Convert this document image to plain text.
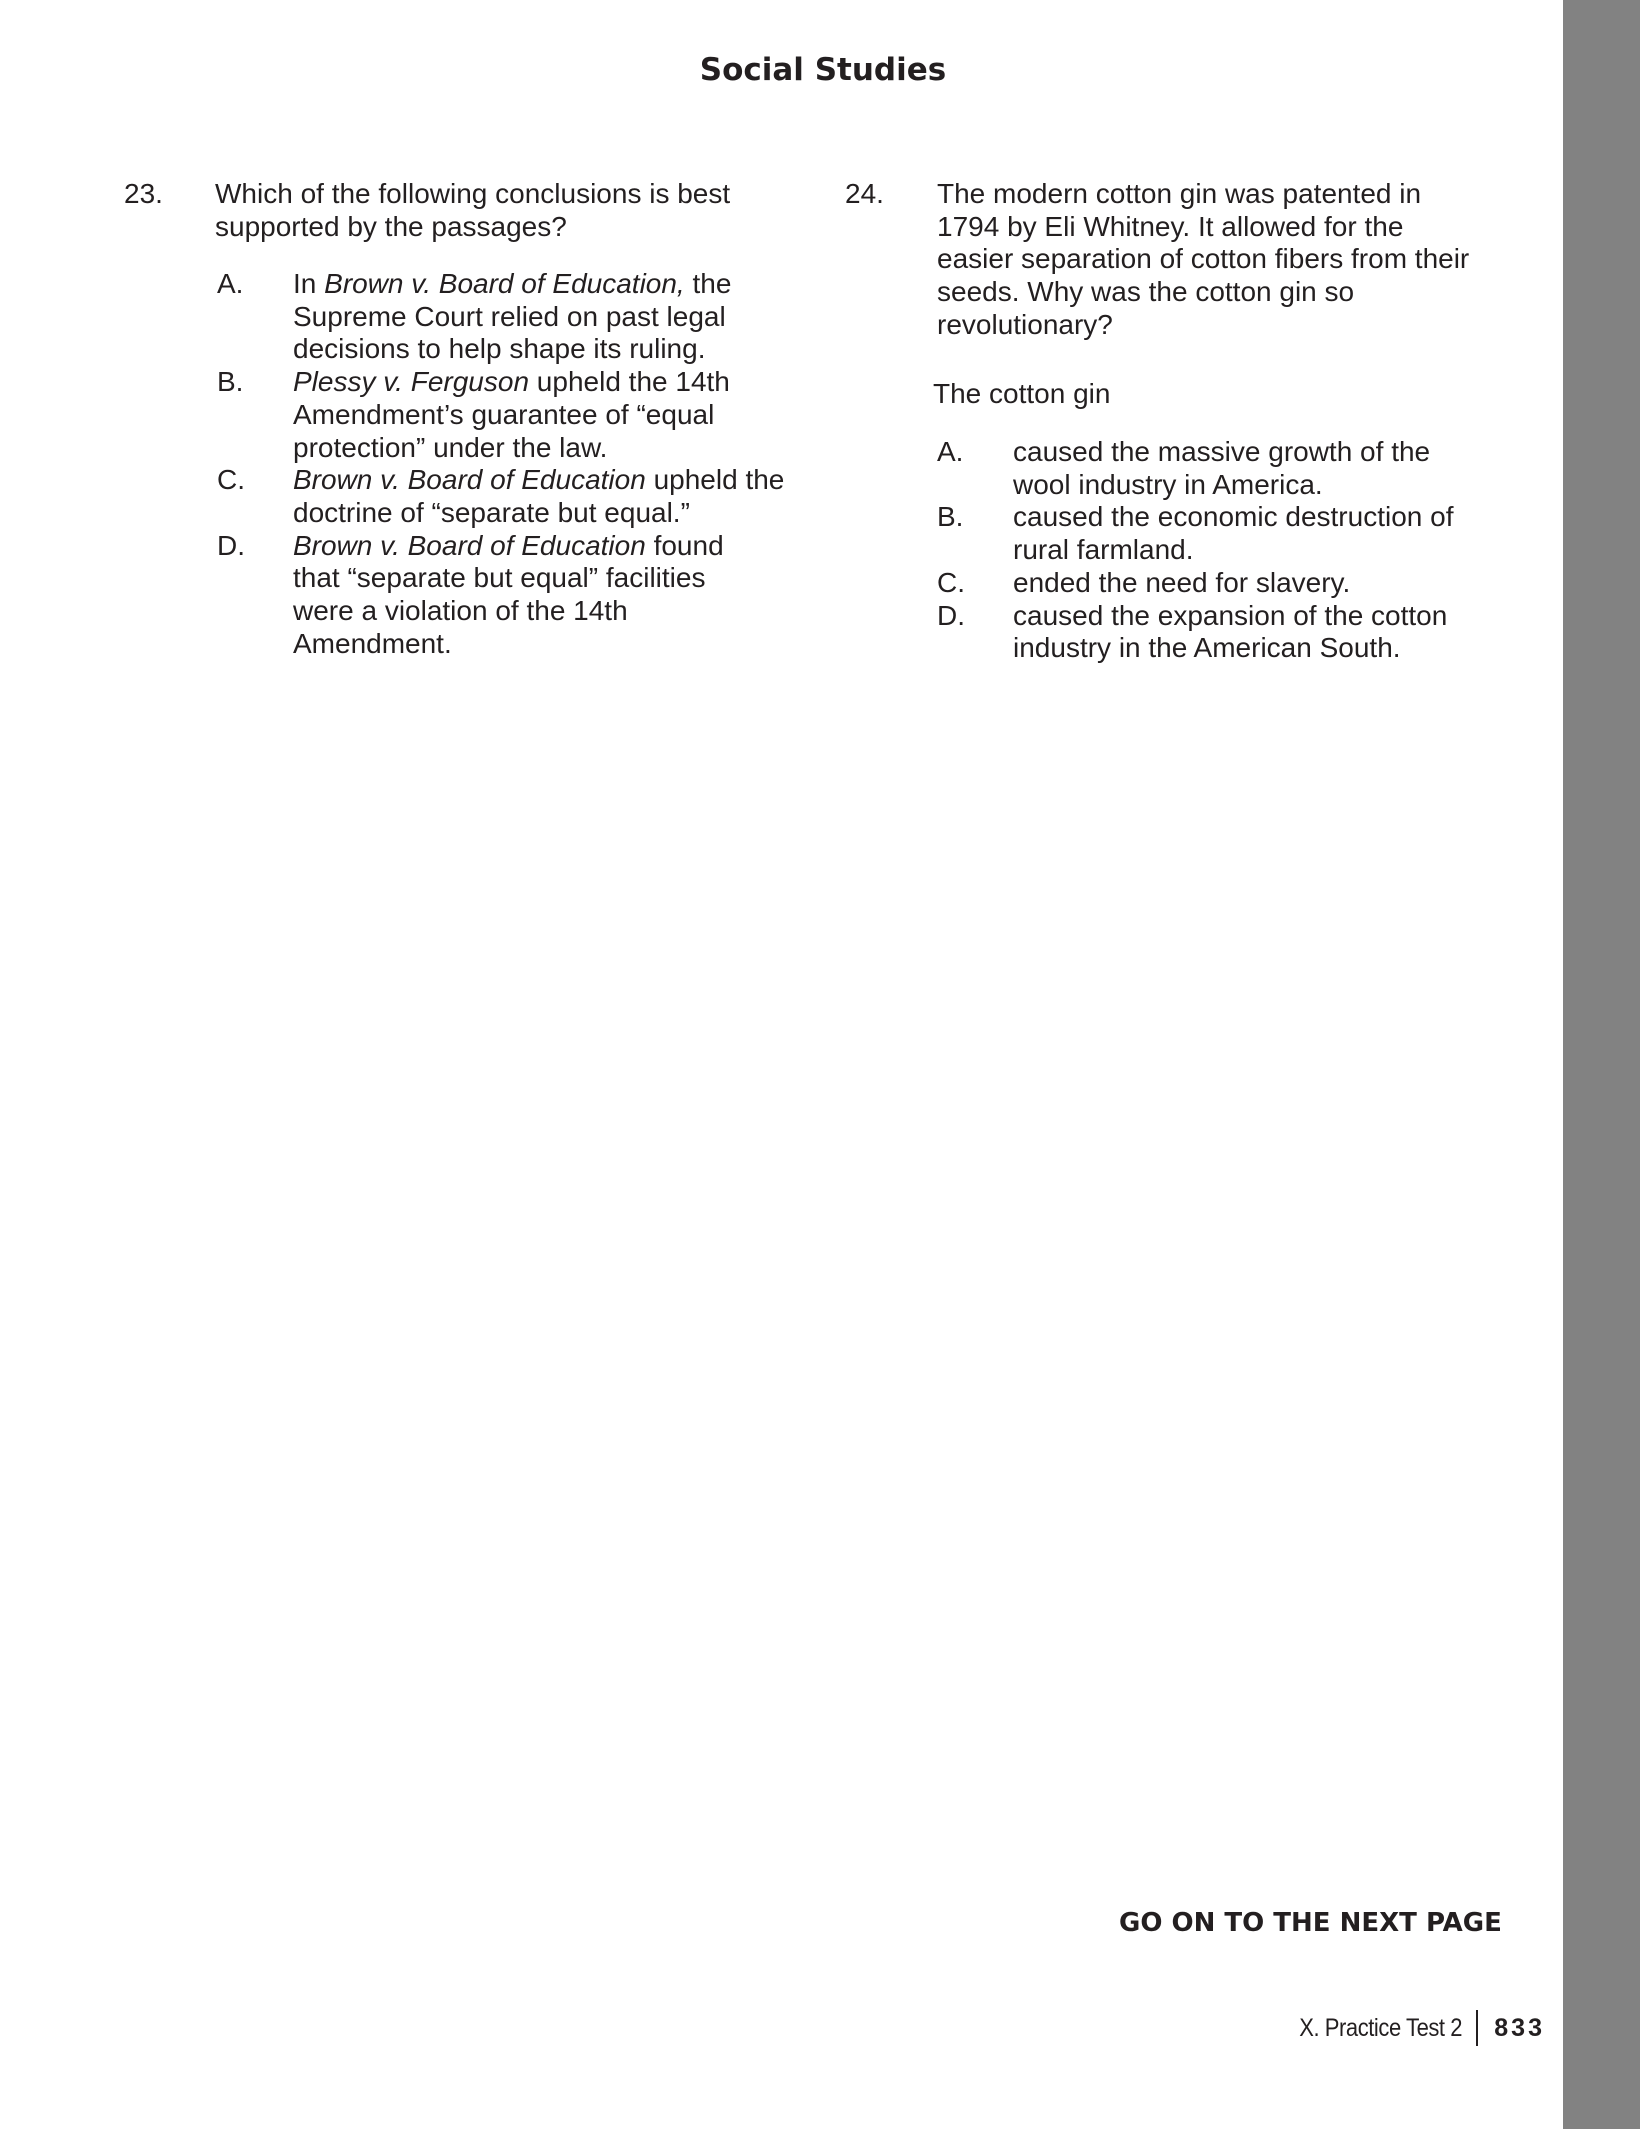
Social Studies
23. Which of the following conclusions is best supported by the passages?
A. In Brown v. Board of Education, the Supreme Court relied on past legal decisions to help shape its ruling.
B. Plessy v. Ferguson upheld the 14th Amendment’s guarantee of “equal protection” under the law.
C. Brown v. Board of Education upheld the doctrine of “separate but equal.”
D. Brown v. Board of Education found that “separate but equal” facilities were a violation of the 14th Amendment.
24. The modern cotton gin was patented in 1794 by Eli Whitney. It allowed for the easier separation of cotton fibers from their seeds. Why was the cotton gin so revolutionary?
The cotton gin
A. caused the massive growth of the wool industry in America.
B. caused the economic destruction of rural farmland.
C. ended the need for slavery.
D. caused the expansion of the cotton industry in the American South.
GO ON TO THE NEXT PAGE
X. Practice Test 2 833
